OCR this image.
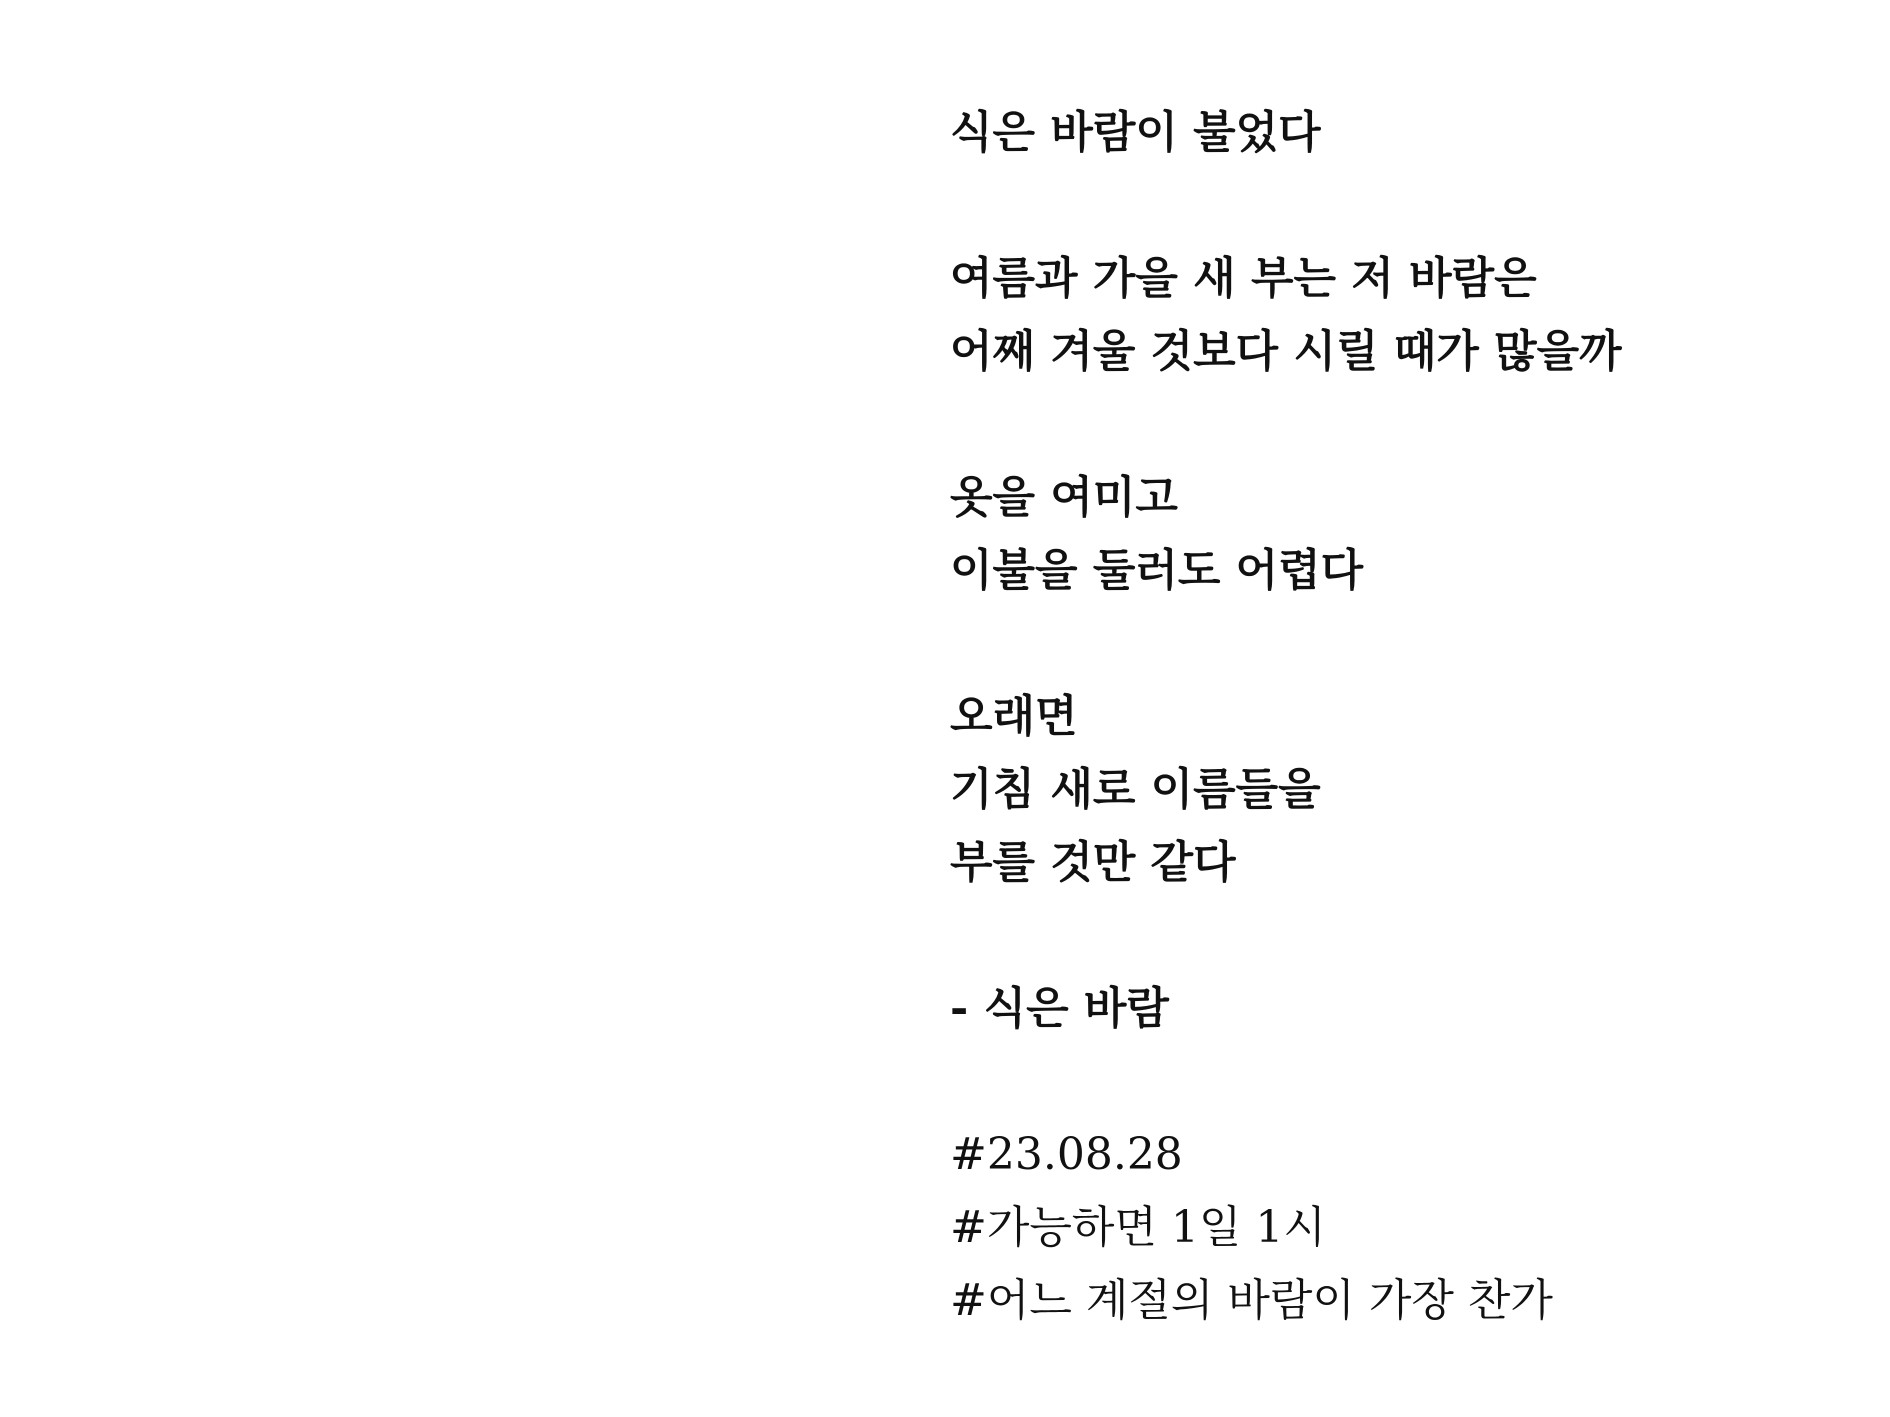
식은 바람이 불었다
여름과 가을 새 부는 저 바람은
어째 겨울 것보다 시릴 때가 많을까
옷을 여미고
이불을 둘러도 어렵다
오래면
기침 새로 이름들을
부를 것만 같다
- 식은 바람
#23.08.28
#가능하면 1일 1시
#어느 계절의 바람이 가장 찬가
